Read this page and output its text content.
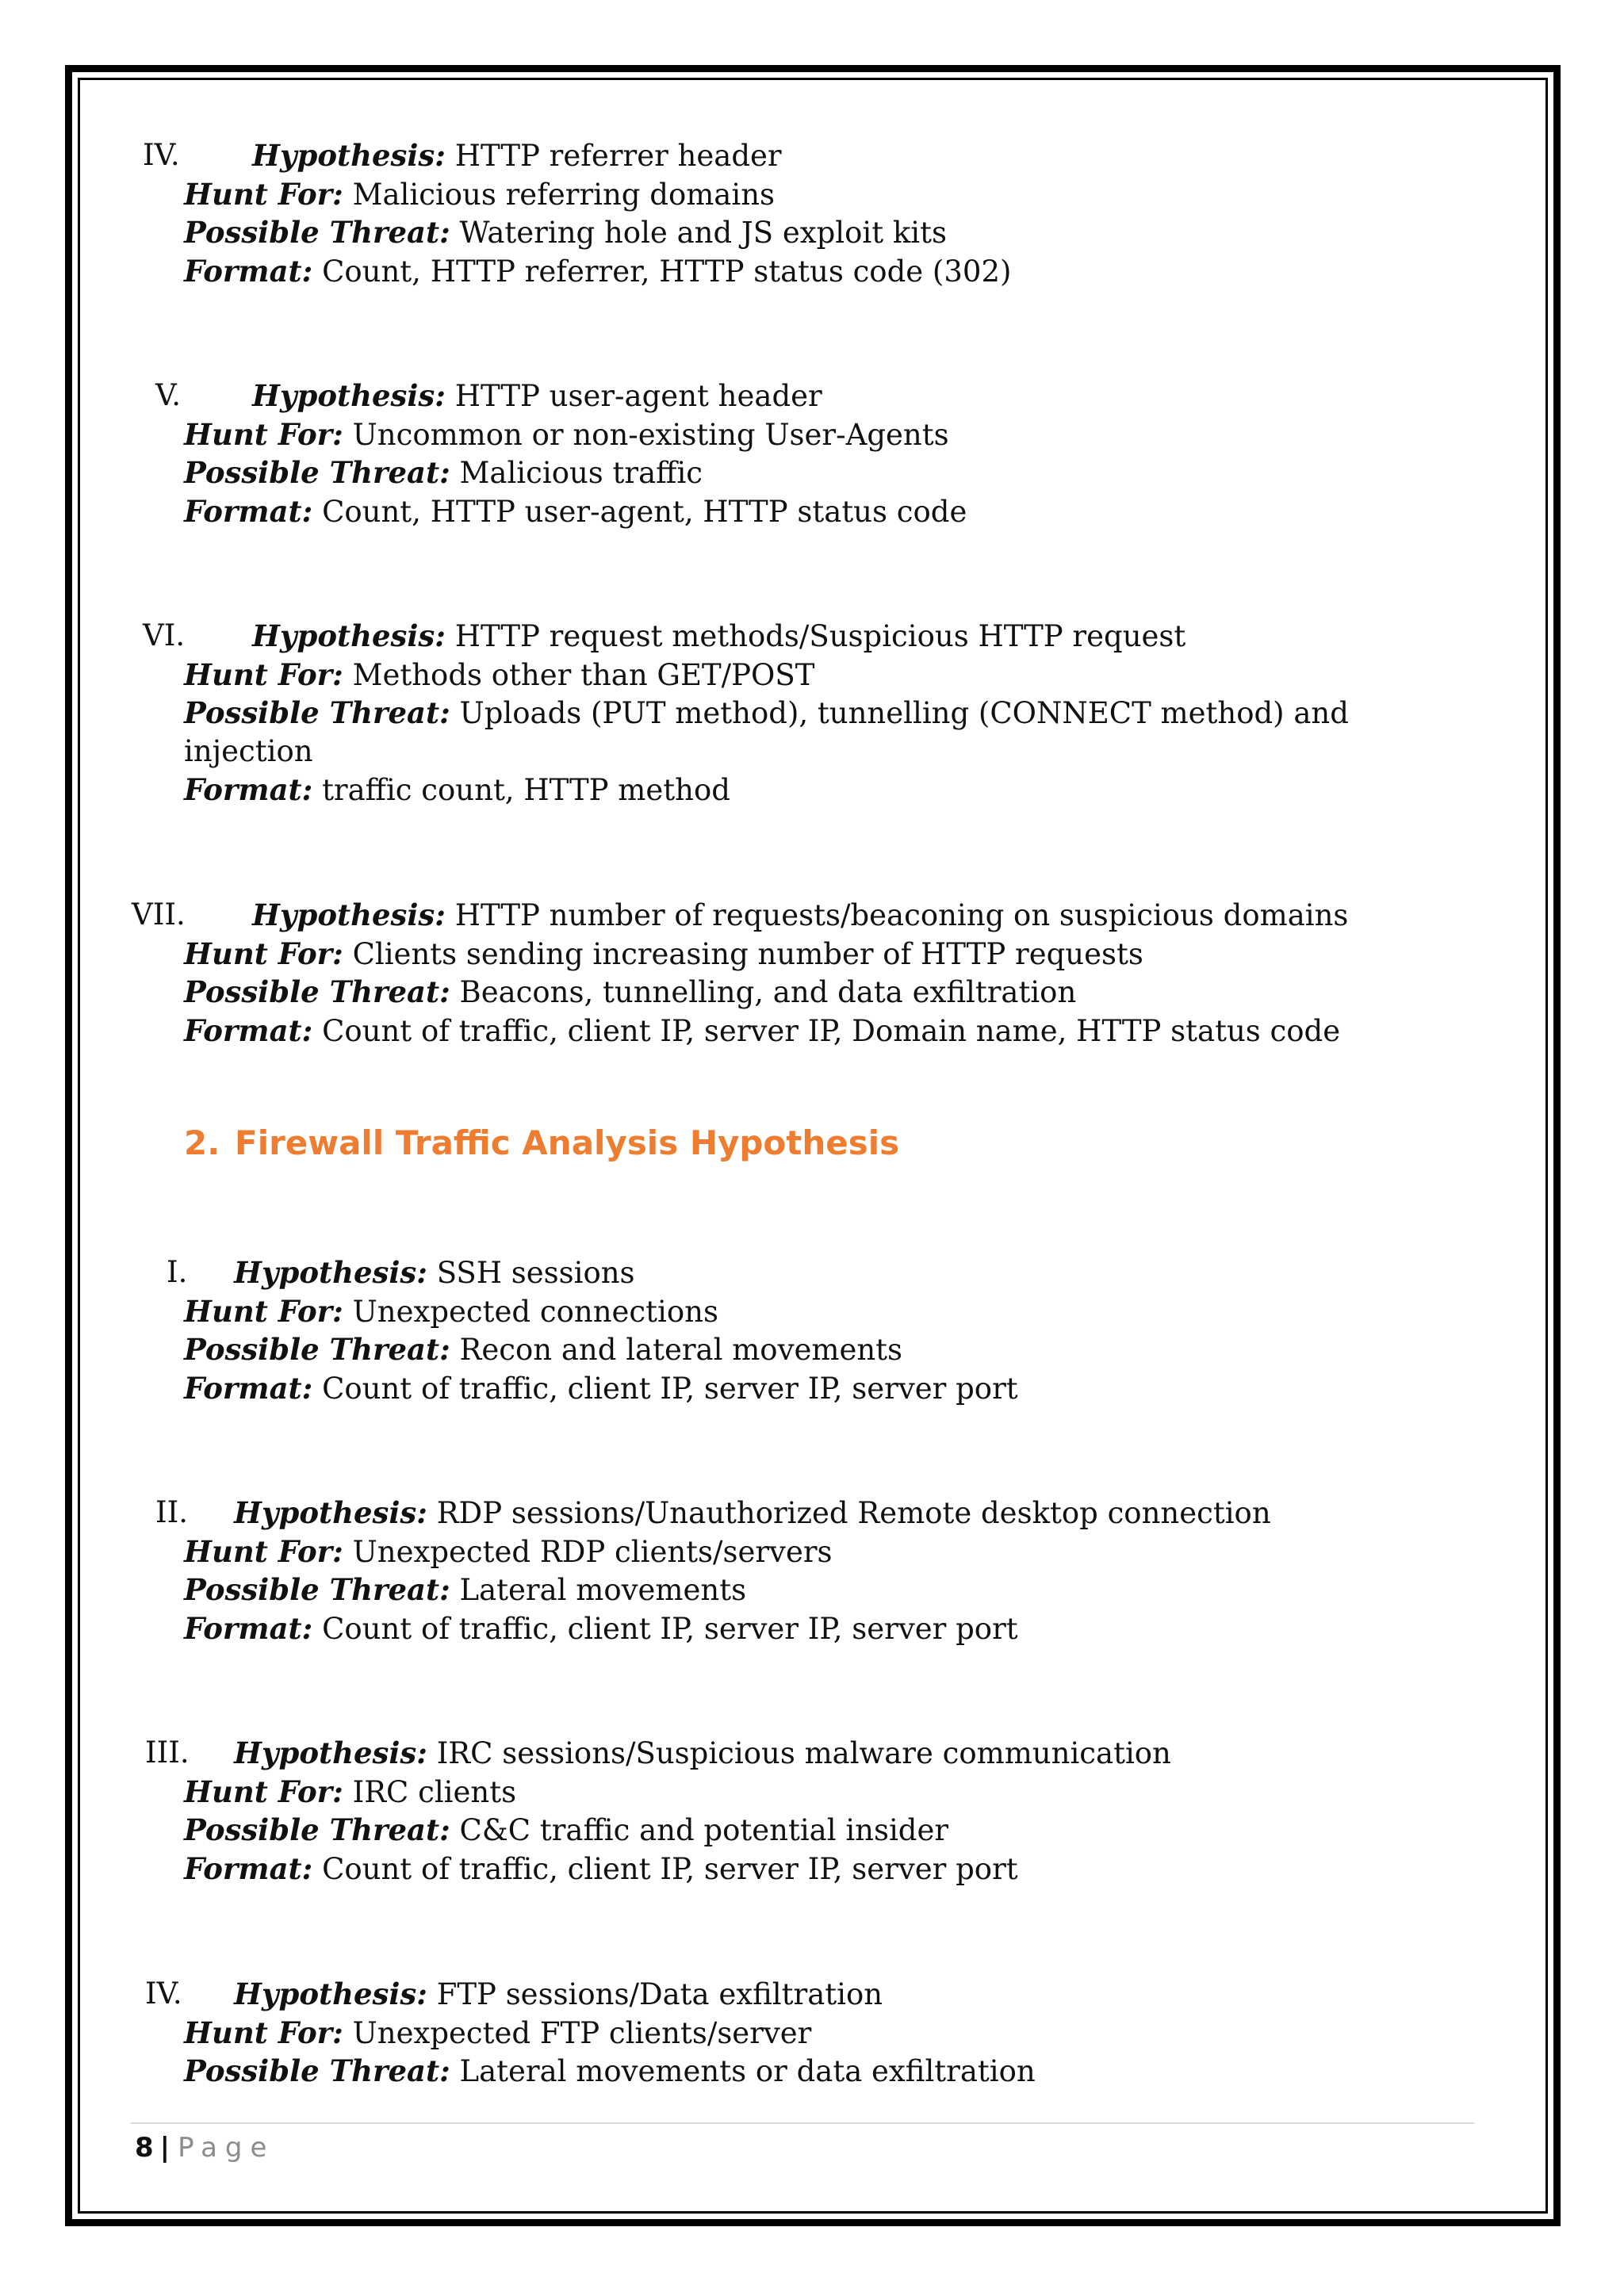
IV.	Hypothesis: HTTP referrer header
Hunt For: Malicious referring domains
Possible Threat: Watering hole and JS exploit kits
Format: Count, HTTP referrer, HTTP status code (302)
V.	Hypothesis: HTTP user-agent header
Hunt For: Uncommon or non-existing User-Agents
Possible Threat: Malicious traffic
Format: Count, HTTP user-agent, HTTP status code
VI.	Hypothesis: HTTP request methods/Suspicious HTTP request
Hunt For: Methods other than GET/POST
Possible Threat: Uploads (PUT method), tunnelling (CONNECT method) and
injection
Format: traffic count, HTTP method
VII.	Hypothesis: HTTP number of requests/beaconing on suspicious domains
Hunt For: Clients sending increasing number of HTTP requests
Possible Threat: Beacons, tunnelling, and data exfiltration
Format: Count of traffic, client IP, server IP, Domain name, HTTP status code
2. Firewall Traffic Analysis Hypothesis
I.	Hypothesis: SSH sessions
Hunt For: Unexpected connections
Possible Threat: Recon and lateral movements
Format: Count of traffic, client IP, server IP, server port
II.	Hypothesis: RDP sessions/Unauthorized Remote desktop connection
Hunt For: Unexpected RDP clients/servers
Possible Threat: Lateral movements
Format: Count of traffic, client IP, server IP, server port
III.	Hypothesis: IRC sessions/Suspicious malware communication
Hunt For: IRC clients
Possible Threat: C&C traffic and potential insider
Format: Count of traffic, client IP, server IP, server port
IV.	Hypothesis: FTP sessions/Data exfiltration
Hunt For: Unexpected FTP clients/server
Possible Threat: Lateral movements or data exfiltration
8 | Page
